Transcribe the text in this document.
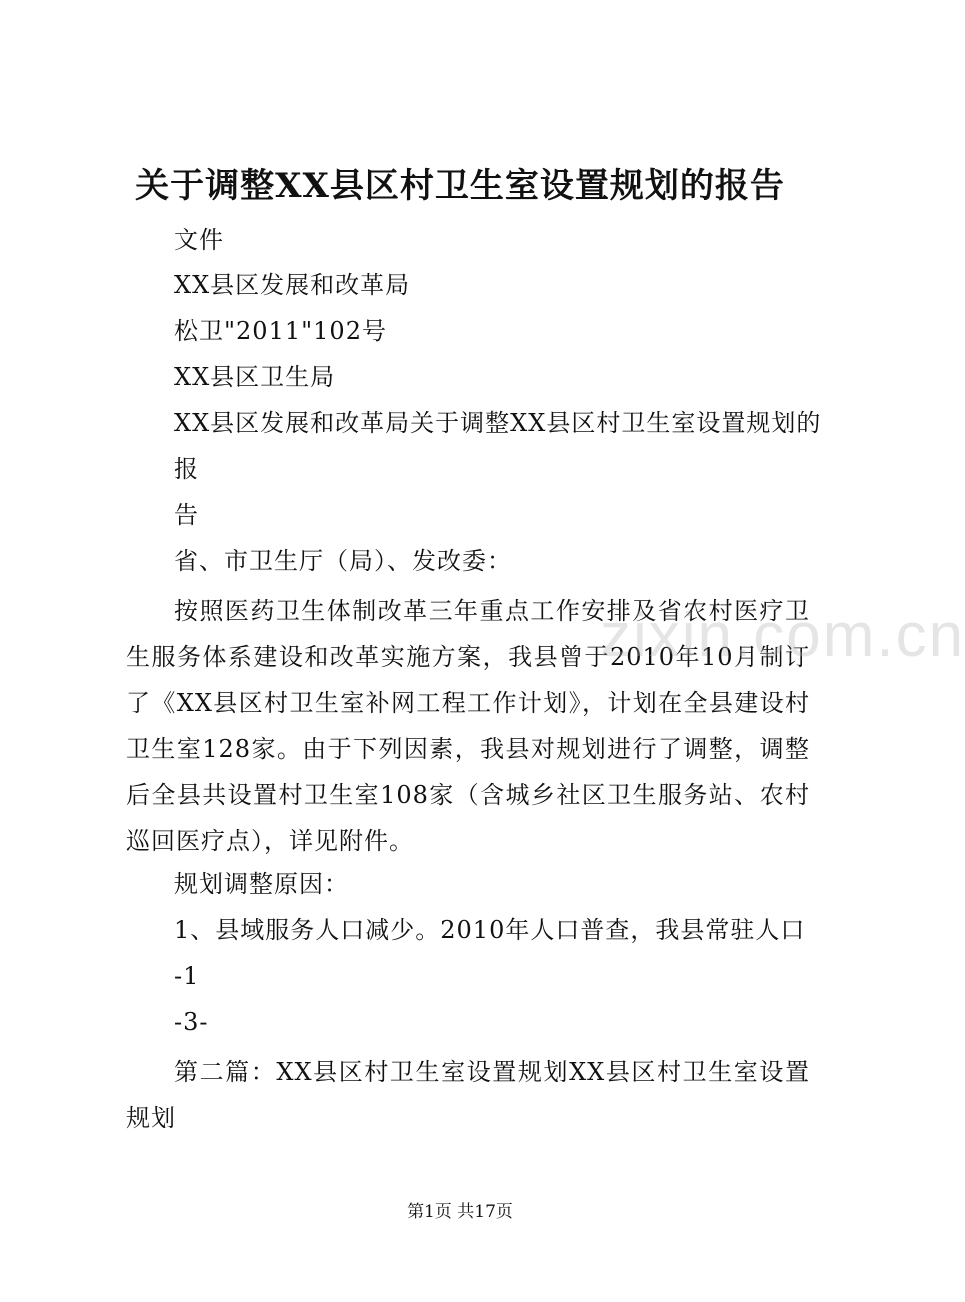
关于调整XX县区村卫生室设置规划的报告
文件
XX县区发展和改革局
松卫"2011"102号
XX县区卫生局
XX县区发展和改革局关于调整XX县区村卫生室设置规划的
报
告
省、市卫生厅（局）、发改委：

按照医药卫生体制改革三年重点工作安排及省农村医疗卫生服务体系建设和改革实施方案，我县曾于2010年10月制订了《XX县区村卫生室补网工程工作计划》，计划在全县建设村卫生室128家。由于下列因素，我县对规划进行了调整，调整后全县共设置村卫生室108家（含城乡社区卫生服务站、农村巡回医疗点），详见附件。

规划调整原因：
1、县域服务人口减少。2010年人口普查，我县常驻人口
-1
-3-

第二篇：XX县区村卫生室设置规划XX县区村卫生室设置规划

zixin.com.cn
第1页 共17页
